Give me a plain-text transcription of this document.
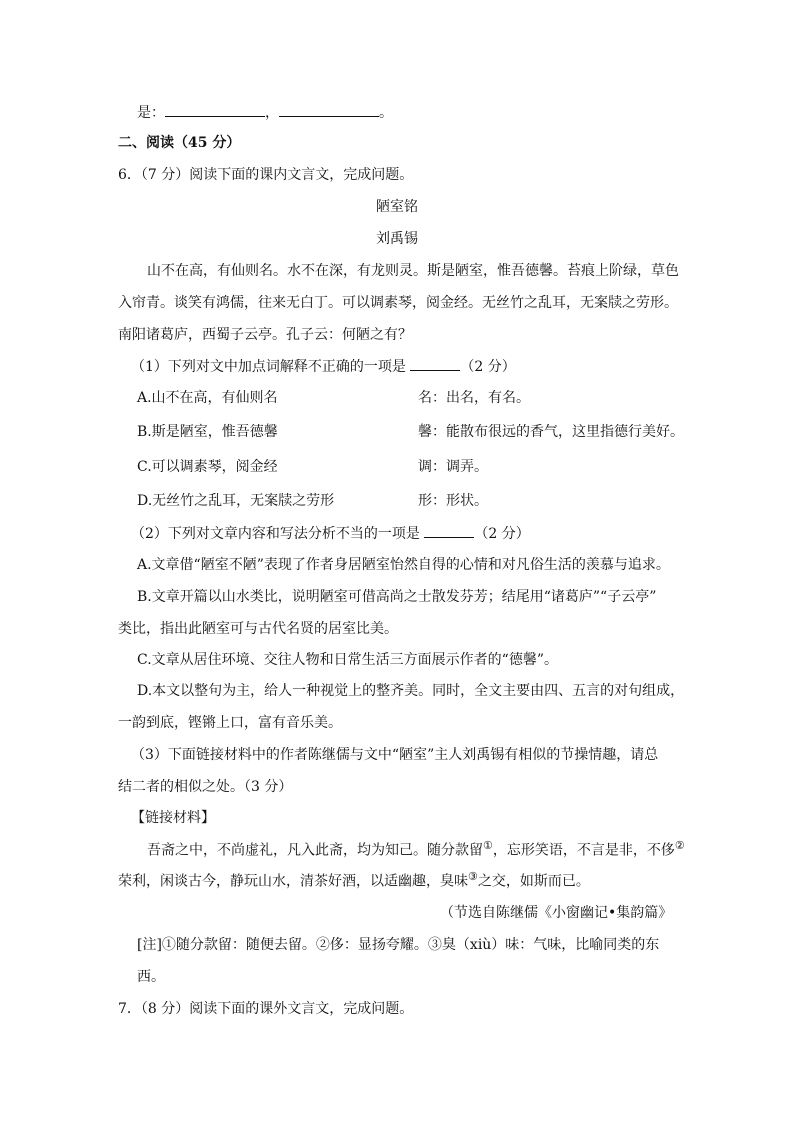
是：	，	。
二、阅读（45 分）
6．（7 分）阅读下面的课内文言文，完成问题。
陋室铭
刘禹锡
山不在高，有仙则名。水不在深，有龙则灵。斯是陋室，惟吾德馨。苔痕上阶绿，草色
入帘青。谈笑有鸿儒，往来无白丁。可以调素琴，阅金经。无丝竹之乱耳，无案牍之劳形。
南阳诸葛庐，西蜀子云亭。孔子云：何陋之有？
（1）下列对文中加点词解释不正确的一项是	（2 分）
A.山不在高，有仙则名	名：出名，有名。
B.斯是陋室，惟吾德馨	馨：能散布很远的香气，这里指德行美好。
C.可以调素琴，阅金经	调：调弄。
D.无丝竹之乱耳，无案牍之劳形	形：形状。
（2）下列对文章内容和写法分析不当的一项是	（2 分）
A.文章借“陋室不陋”表现了作者身居陋室怡然自得的心情和对凡俗生活的羡慕与追求。
B.文章开篇以山水类比，说明陋室可借高尚之士散发芬芳；结尾用“诸葛庐”“子云亭”
类比，指出此陋室可与古代名贤的居室比美。
C.文章从居住环境、交往人物和日常生活三方面展示作者的“德馨”。
D.本文以整句为主，给人一种视觉上的整齐美。同时，全文主要由四、五言的对句组成，
一韵到底，铿锵上口，富有音乐美。
（3）下面链接材料中的作者陈继儒与文中“陋室”主人刘禹锡有相似的节操情趣，请总
结二者的相似之处。（3 分）
【链接材料】
吾斋之中，不尚虚礼，凡入此斋，均为知己。随分款留①，忘形笑语，不言是非，不侈②
荣利，闲谈古今，静玩山水，清茶好酒，以适幽趣，臭味③之交，如斯而已。
（节选自陈继儒《小窗幽记•集韵篇》
[注]①随分款留：随便去留。②侈：显扬夸耀。③臭（xiù）味：气味，比喻同类的东
西。
7．（8 分）阅读下面的课外文言文，完成问题。
